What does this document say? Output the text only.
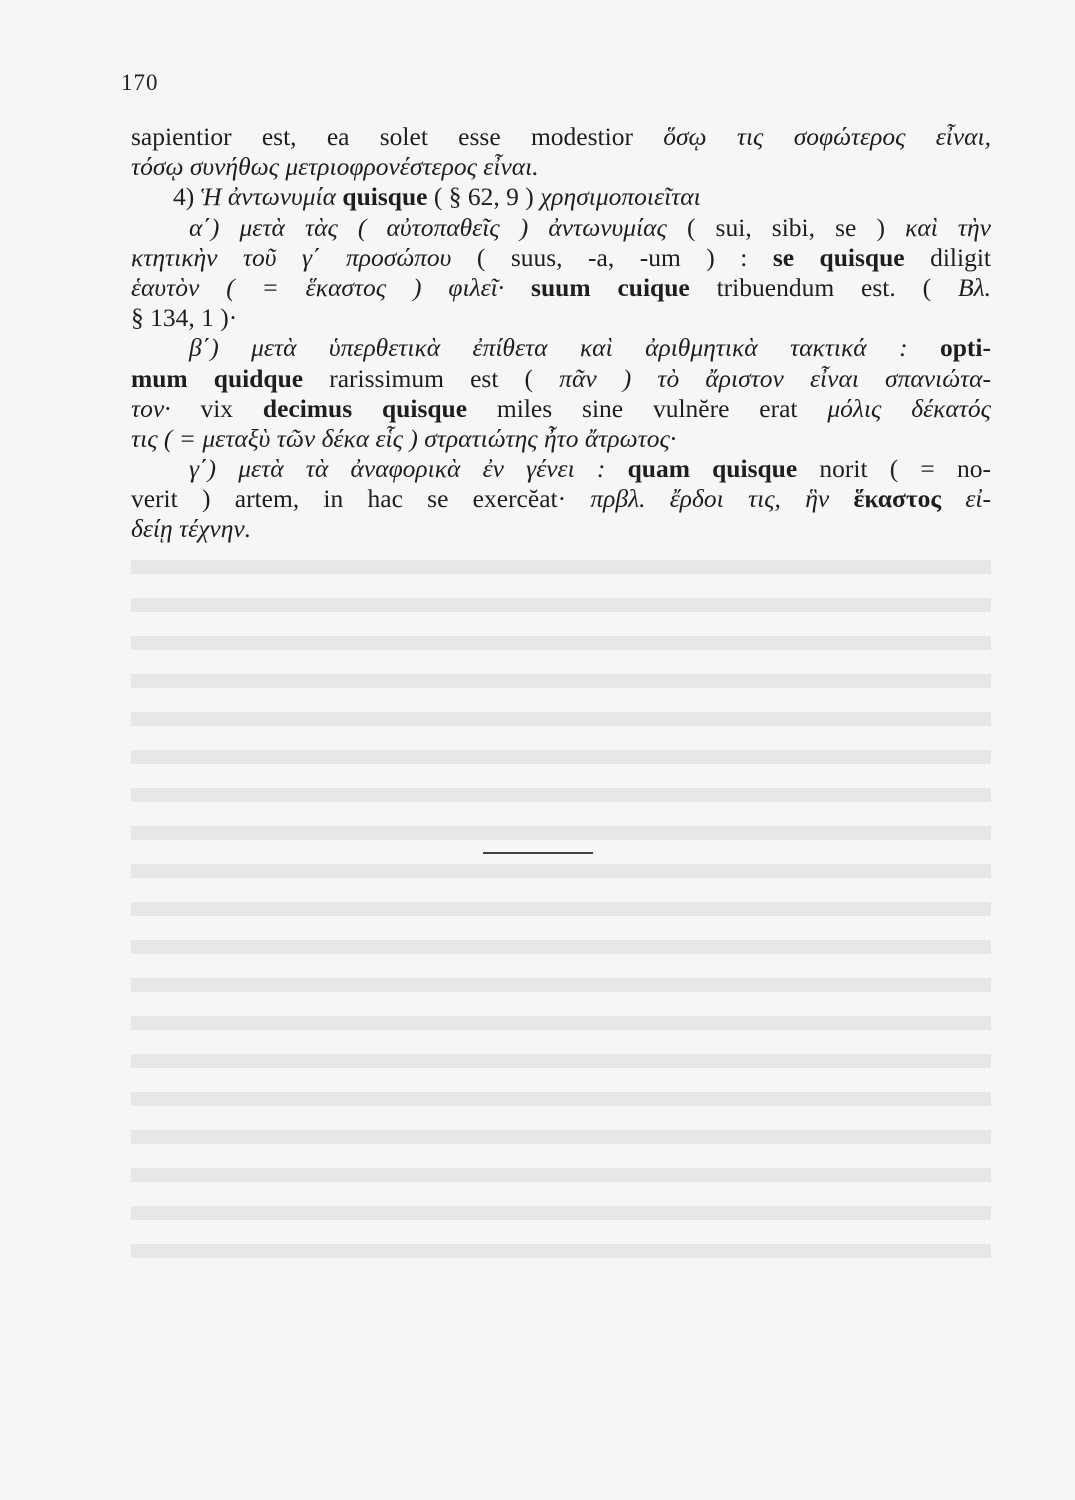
170
sapientior est, ea solet esse modestior ὅσῳ τις σοφώτερος εἶναι,
τόσῳ συνήθως μετριοφρονέστερος εἶναι.
4) Ἡ ἀντωνυμία quisque ( § 62, 9 ) χρησιμοποιεῖται
α΄) μετὰ τὰς ( αὐτοπαθεῖς ) ἀντωνυμίας ( sui, sibi, se ) καὶ τὴν
κτητικὴν τοῦ γ΄ προσώπου ( suus, -a, -um ) : se quisque diligit
ἑαυτὸν ( = ἕκαστος ) φιλεῖ· suum cuique tribuendum est. ( Βλ.
§ 134, 1 )·
β΄) μετὰ ὑπερθετικὰ ἐπίθετα καὶ ἀριθμητικὰ τακτικά : opti-
mum quidque rarissimum est ( πᾶν ) τὸ ἄριστον εἶναι σπανιώτα-
τον· vix decimus quisque miles sine vulnĕre erat μόλις δέκατός
τις ( = μεταξὺ τῶν δέκα εἷς ) στρατιώτης ἦτο ἄτρωτος·
γ΄) μετὰ τὰ ἀναφορικὰ ἐν γένει : quam quisque norit ( = no-
verit ) artem, in hac se exercĕat· πρβλ. ἔρδοι τις, ἣν ἕκαστος εἰ-
δείῃ τέχνην.
